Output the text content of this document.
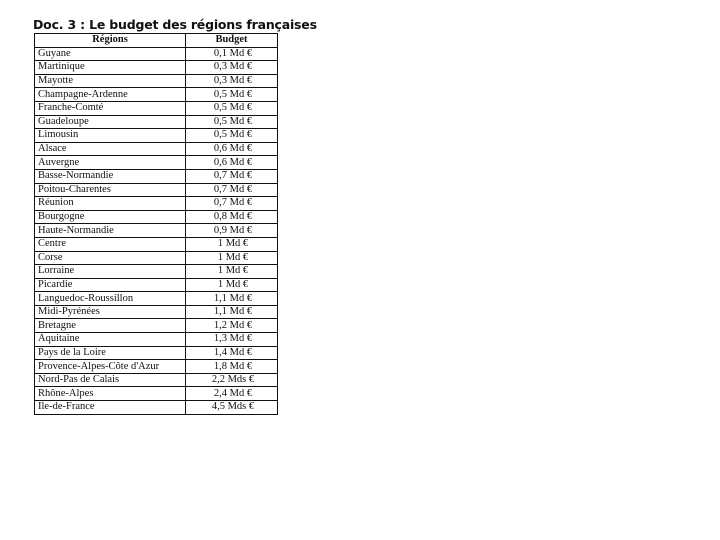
Doc. 3 : Le budget des régions françaises
Régions	Budget
Guyane	0,1 Md €
Martinique	0,3 Md €
Mayotte	0,3 Md €
Champagne-Ardenne	0,5 Md €
Franche-Comté	0,5 Md €
Guadeloupe	0,5 Md €
Limousin	0,5 Md €
Alsace	0,6 Md €
Auvergne	0,6 Md €
Basse-Normandie	0,7 Md €
Poitou-Charentes	0,7 Md €
Réunion	0,7 Md €
Bourgogne	0,8 Md €
Haute-Normandie	0,9 Md €
Centre	1 Md €
Corse	1 Md €
Lorraine	1 Md €
Picardie	1 Md €
Languedoc-Roussillon	1,1 Md €
Midi-Pyrénées	1,1 Md €
Bretagne	1,2 Md €
Aquitaine	1,3 Md €
Pays de la Loire	1,4 Md €
Provence-Alpes-Côte d'Azur	1,8 Md €
Nord-Pas de Calais	2,2 Mds €
Rhône-Alpes	2,4 Md €
Ile-de-France	4,5 Mds €
